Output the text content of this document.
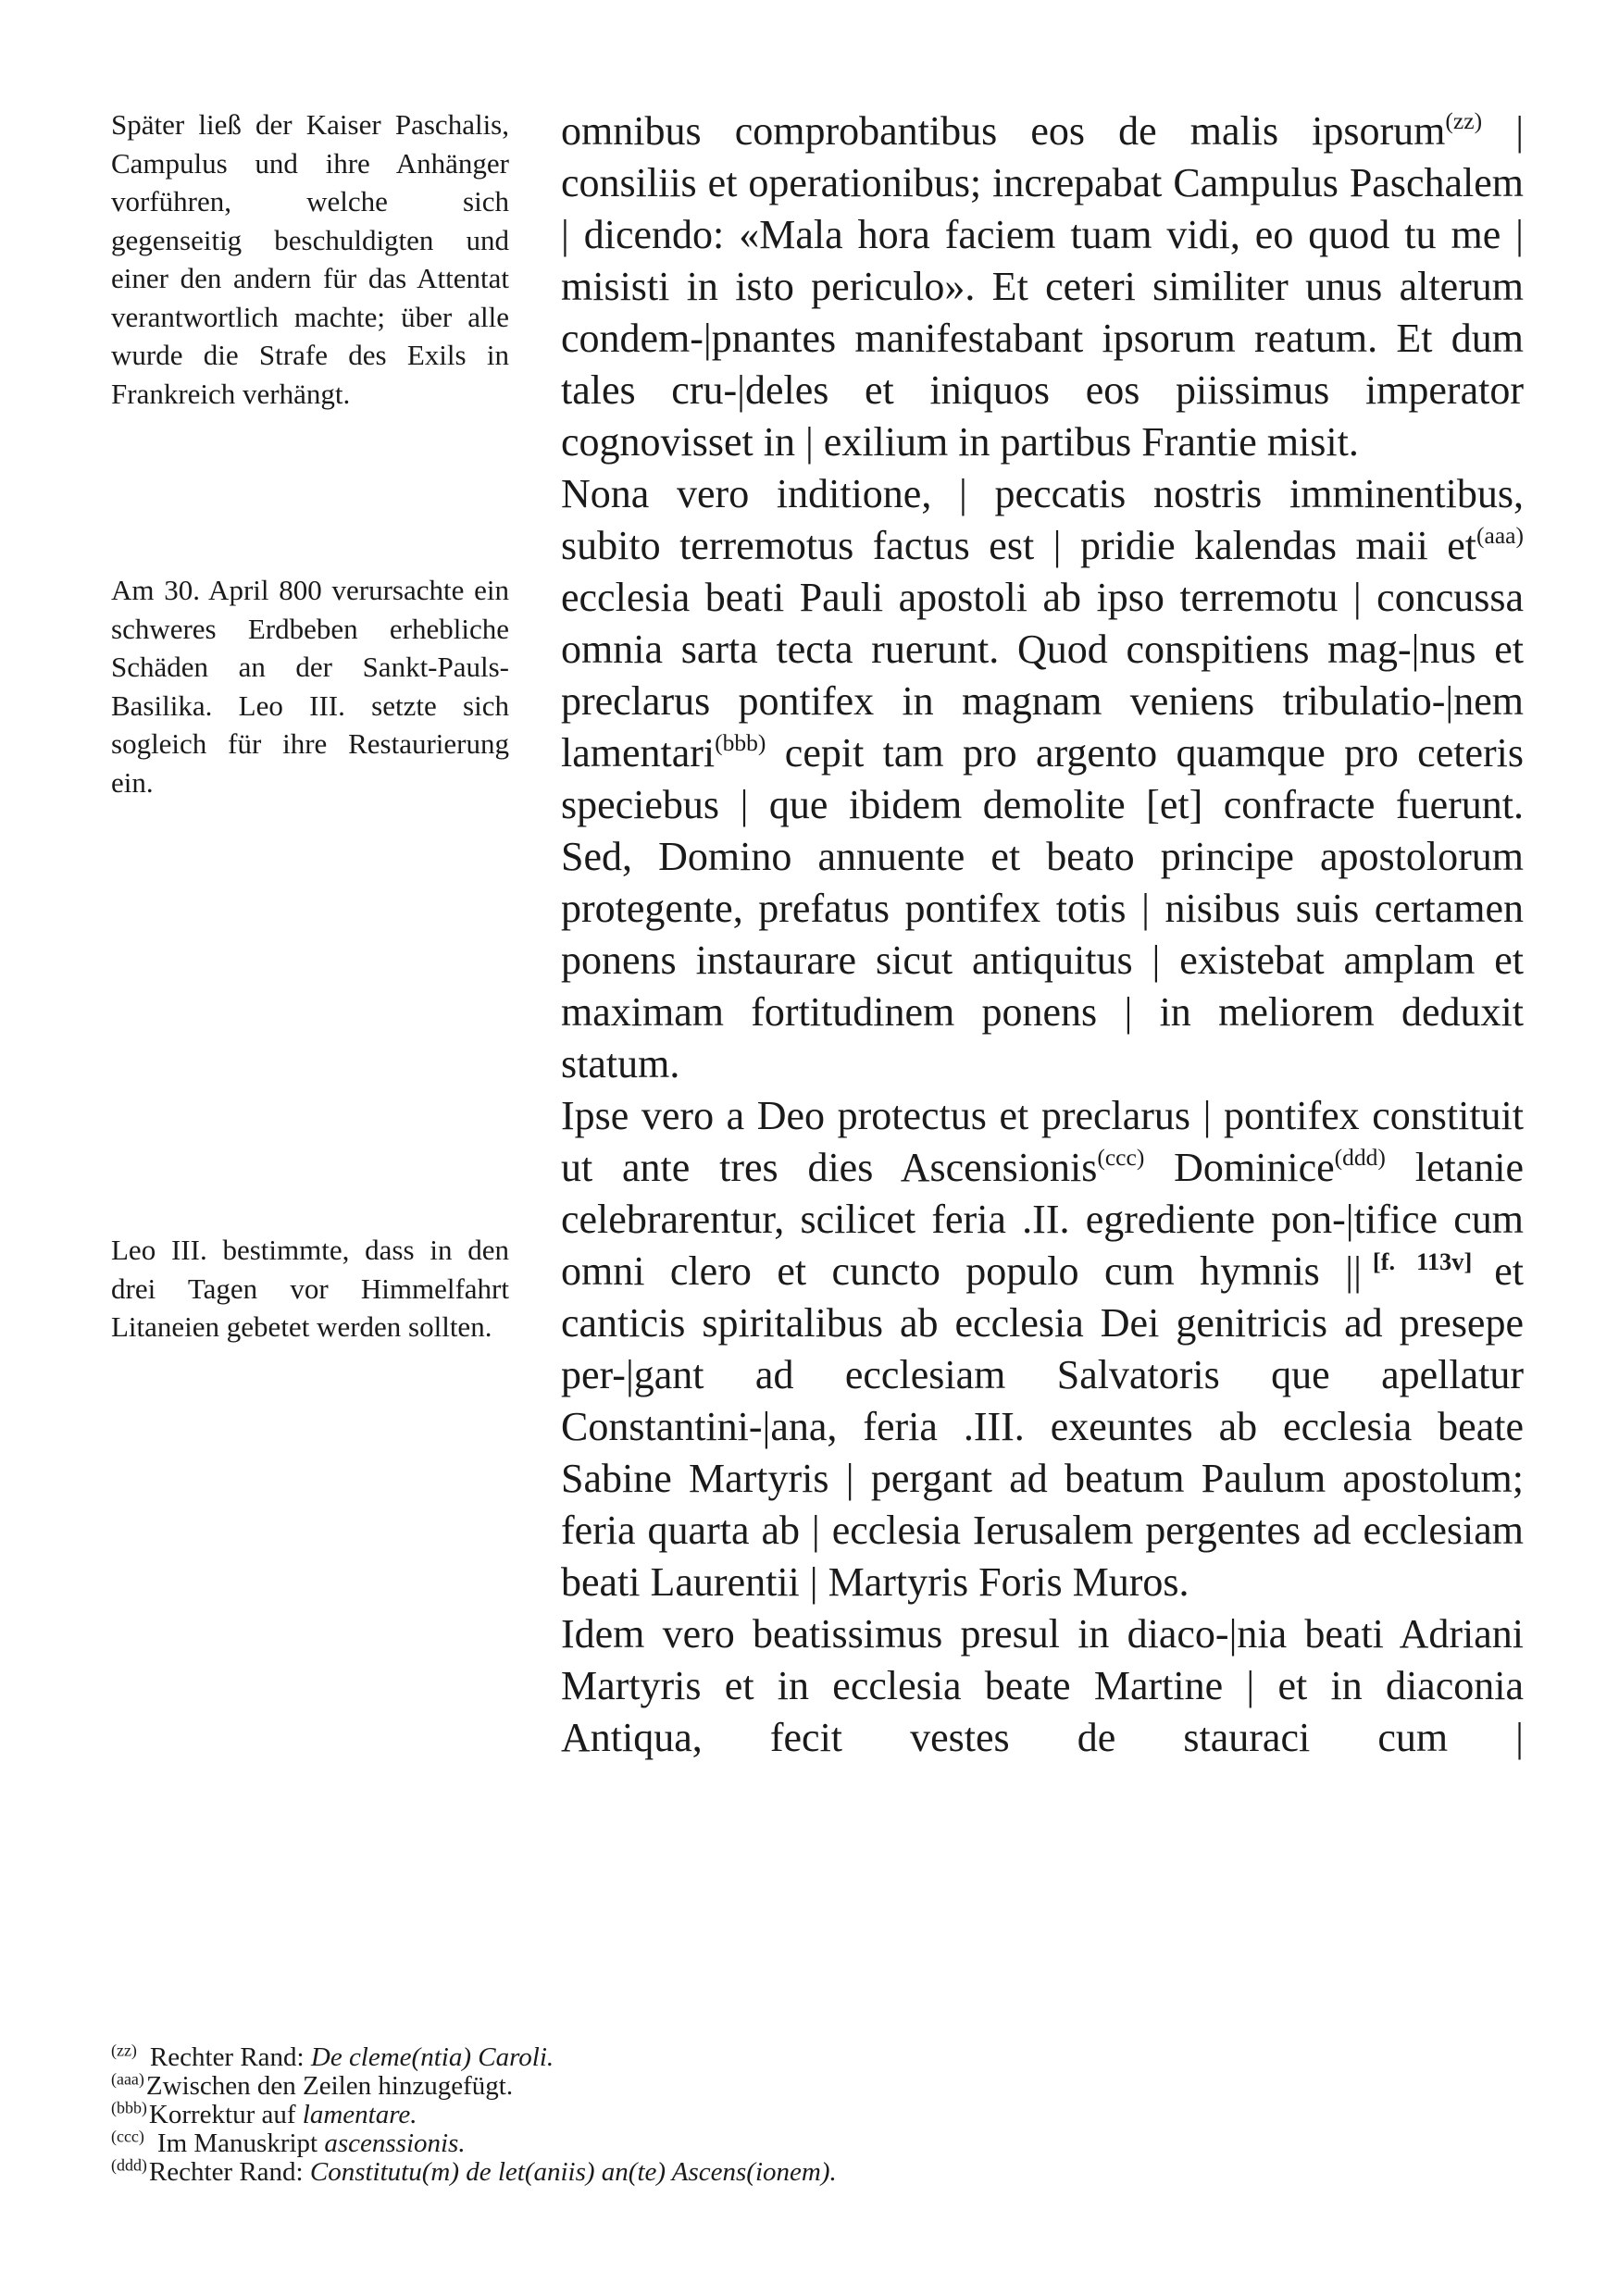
Später ließ der Kaiser Paschalis, Campulus und ihre Anhänger vorführen, welche sich gegenseitig beschuldigten und einer den andern für das Attentat verantwortlich machte; über alle wurde die Strafe des Exils in Frankreich verhängt.

Am 30. April 800 verursachte ein schweres Erdbeben erhebliche Schäden an der Sankt-Pauls-Basilika. Leo III. setzte sich sogleich für ihre Restaurierung ein.

Leo III. bestimmte, dass in den drei Tagen vor Himmelfahrt Litaneien gebetet werden sollten.

omnibus comprobantibus eos de malis ipsorum$^{(zz)}$ | consiliis et operationibus; increpabat Campulus Paschalem | dicendo: «Mala hora faciem tuam vidi, eo quod tu me | misisti in isto periculo». Et ceteri similiter unus alterum condem-|pnantes manifestabant ipsorum reatum. Et dum tales cru-|deles et iniquos eos piissimus imperator cognovisset in | exilium in partibus Frantie misit.

Nona vero inditione, | peccatis nostris imminentibus, subito terremotus factus est | pridie kalendas maii $et^{(aaa)}$ ecclesia beati Pauli apostoli ab ipso terremotu | concussa omnia sarta tecta ruerunt. Quod conspitiens mag-|nus et preclarus pontifex in magnam veniens tribulatio-|nem lamentari$^{(bbb)}$ cepit tam pro argento quamque pro ceteris speciebus | que ibidem demolite [et] confracte fuerunt. Sed, Domino annuente et beato principe apostolorum protegente, prefatus pontifex totis | nisibus suis certamen ponens instaurare sicut antiquitus | existebat amplam et maximam fortitudinem ponens | in meliorem deduxit statum.

Ipse vero a Deo protectus et preclarus | pontifex constituit ut ante tres dies Ascensionis$^{(ccc)}$ Dominice$^{(ddd)}$ letanie celebrarentur, scilicet feria .II. egrediente pon-|tifice cum omni clero et cuncto populo cum hymnis || [f. 113v] et canticis spiritalibus ab ecclesia Dei genitricis ad presepe per-|gant ad ecclesiam Salvatoris que apellatur Constantini-|ana, feria .III. exeuntes ab ecclesia beate Sabine Martyris | pergant ad beatum Paulum apostolum; feria quarta ab | ecclesia Ierusalem pergentes ad ecclesiam beati Laurentii | Martyris Foris Muros.

Idem vero beatissimus presul in diaco-|nia beati Adriani Martyris et in ecclesia beate Martine | et in diaconia Antiqua, fecit vestes de stauraci cum |

$^{(zz)}$ Rechter Rand: De cleme(ntia) Caroli.
$^{(aaa)}$Zwischen den Zeilen hinzugefügt.
$^{(bbb)}$Korrektur auf lamentare.
$^{(ccc)}$ Im Manuskript ascenssionis.
$^{(ddd)}$Rechter Rand: Constitutu(m) de let(aniis) an(te) Ascens(ionem).
